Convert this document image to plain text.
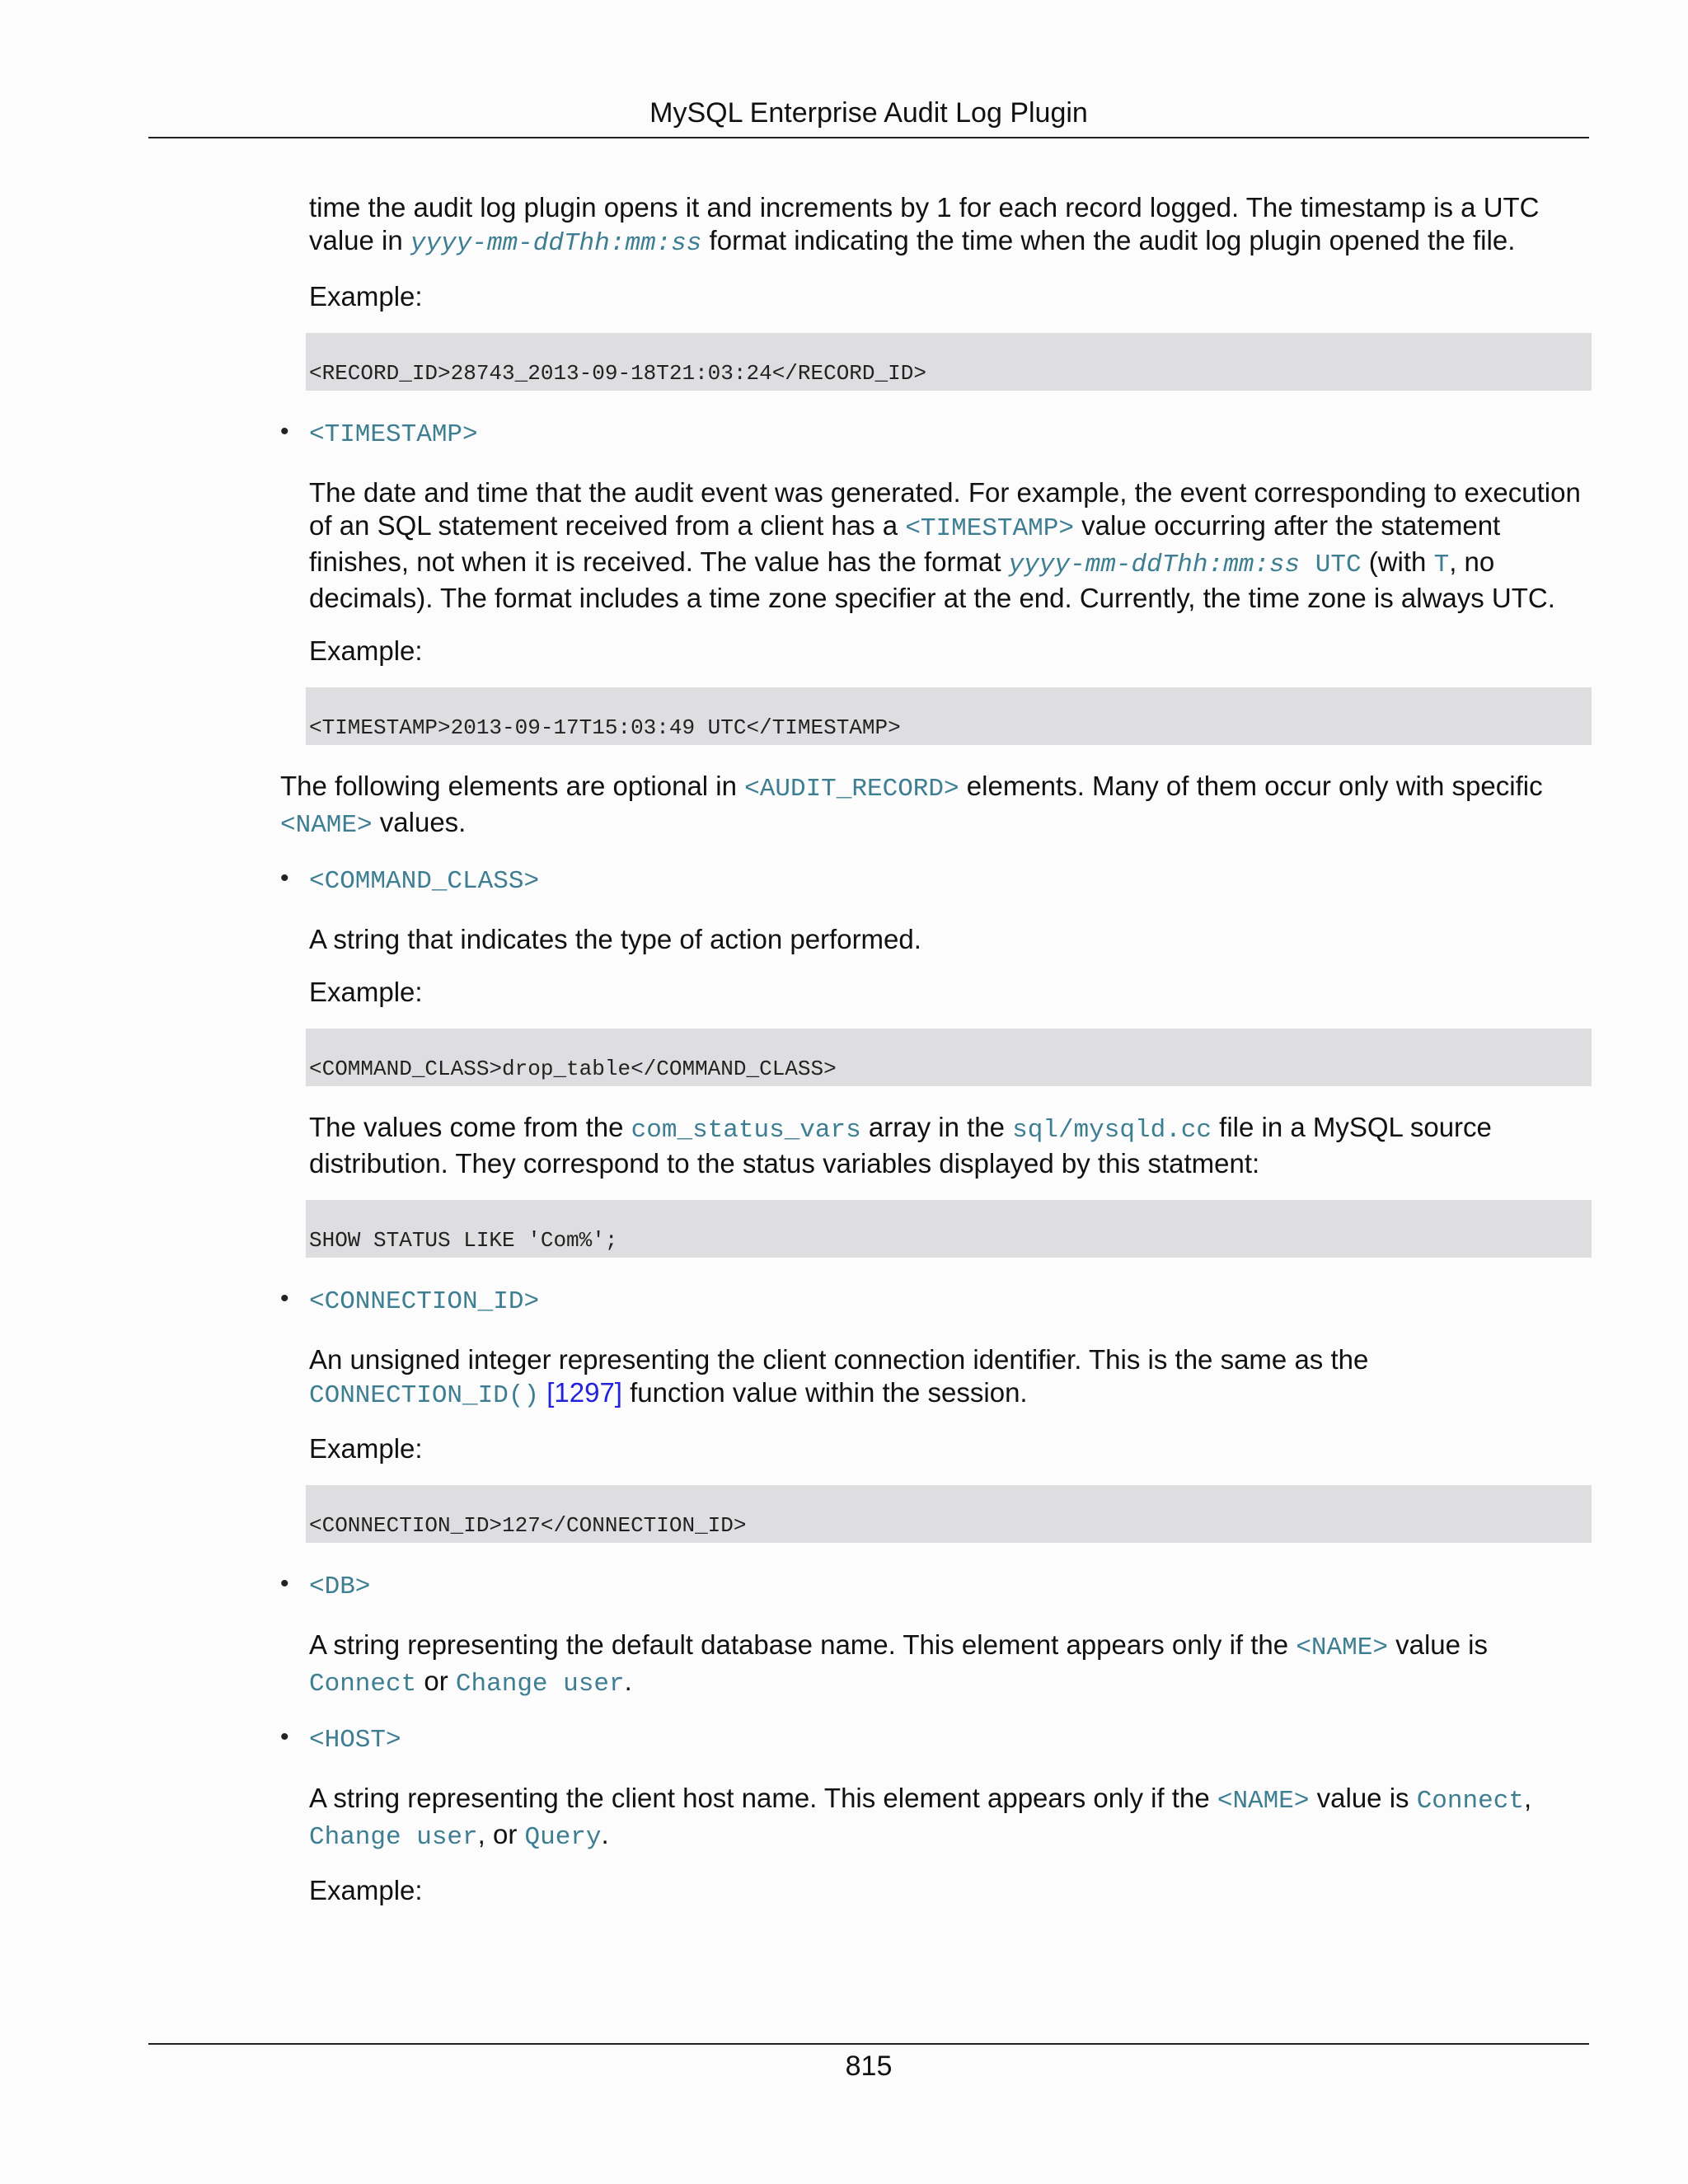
MySQL Enterprise Audit Log Plugin

time the audit log plugin opens it and increments by 1 for each record logged. The timestamp is a UTC value in yyyy-mm-ddThh:mm:ss format indicating the time when the audit log plugin opened the file.

Example:

<RECORD_ID>28743_2013-09-18T21:03:24</RECORD_ID>
• <TIMESTAMP>

The date and time that the audit event was generated. For example, the event corresponding to execution of an SQL statement received from a client has a <TIMESTAMP> value occurring after the statement finishes, not when it is received. The value has the format yyyy-mm-ddThh:mm:ss UTC (with T, no decimals). The format includes a time zone specifier at the end. Currently, the time zone is always UTC.

Example:

<TIMESTAMP>2013-09-17T15:03:49 UTC</TIMESTAMP>

The following elements are optional in <AUDIT_RECORD> elements. Many of them occur only with specific <NAME> values.

• <COMMAND_CLASS>

A string that indicates the type of action performed.

Example:

<COMMAND_CLASS>drop_table</COMMAND_CLASS>

The values come from the com_status_vars array in the sql/mysqld.cc file in a MySQL source distribution. They correspond to the status variables displayed by this statment:

SHOW STATUS LIKE 'Com%';
• <CONNECTION_ID>

An unsigned integer representing the client connection identifier. This is the same as the CONNECTION_ID() [1297] function value within the session.

Example:

<CONNECTION_ID>127</CONNECTION_ID>
• <DB>

A string representing the default database name. This element appears only if the <NAME> value is Connect or Change user.

• <HOST>

A string representing the client host name. This element appears only if the <NAME> value is Connect, Change user, or Query.

Example:

815
